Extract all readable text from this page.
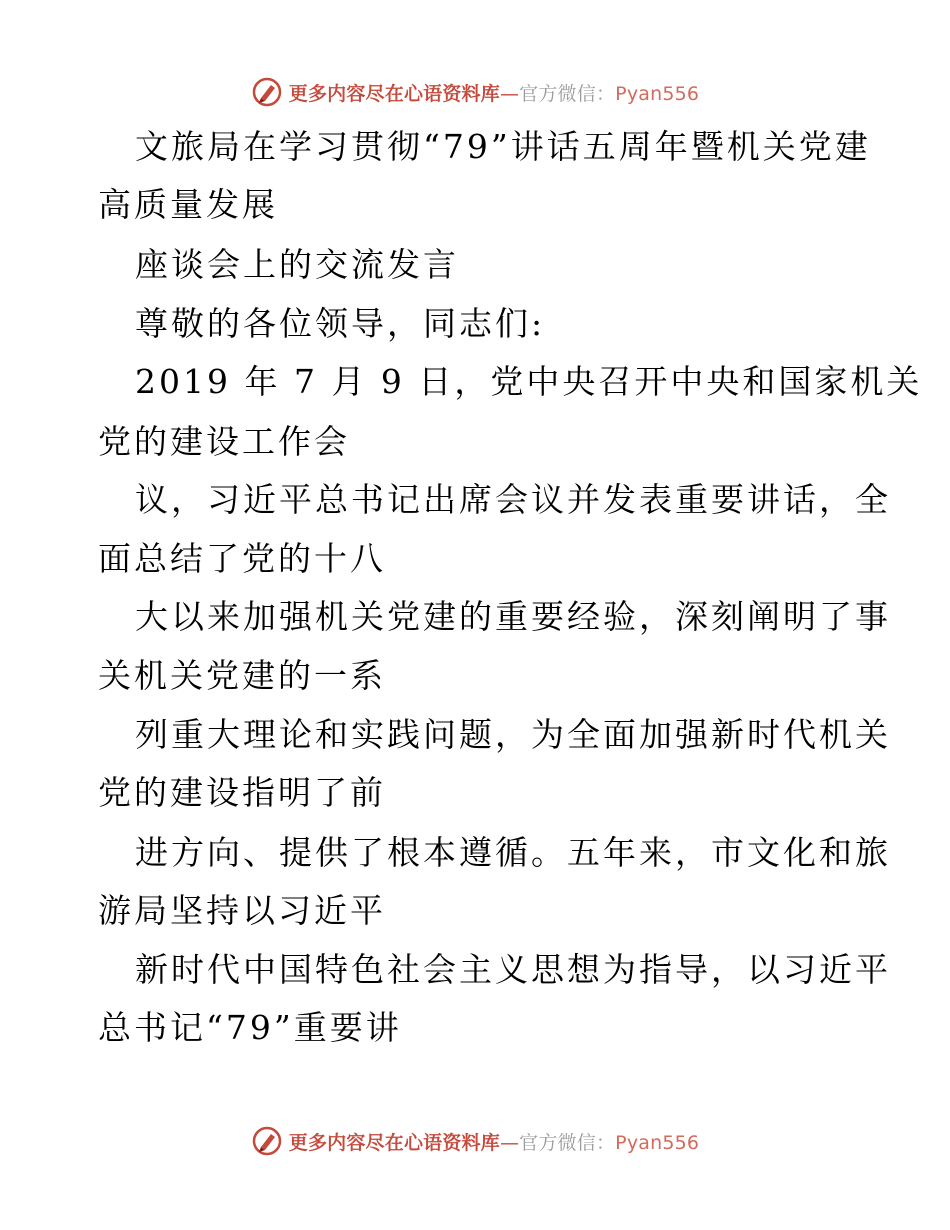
更多内容尽在心语资料库—官方微信：Pyan556
文旅局在学习贯彻“79”讲话五周年暨机关党建
高质量发展
座谈会上的交流发言
尊敬的各位领导，同志们:
2019 年 7 月 9 日，党中央召开中央和国家机关
党的建设工作会
议，习近平总书记出席会议并发表重要讲话，全
面总结了党的十八
大以来加强机关党建的重要经验，深刻阐明了事
关机关党建的一系
列重大理论和实践问题，为全面加强新时代机关
党的建设指明了前
进方向、提供了根本遵循。五年来，市文化和旅
游局坚持以习近平
新时代中国特色社会主义思想为指导，以习近平
总书记“79”重要讲
更多内容尽在心语资料库—官方微信：Pyan556
